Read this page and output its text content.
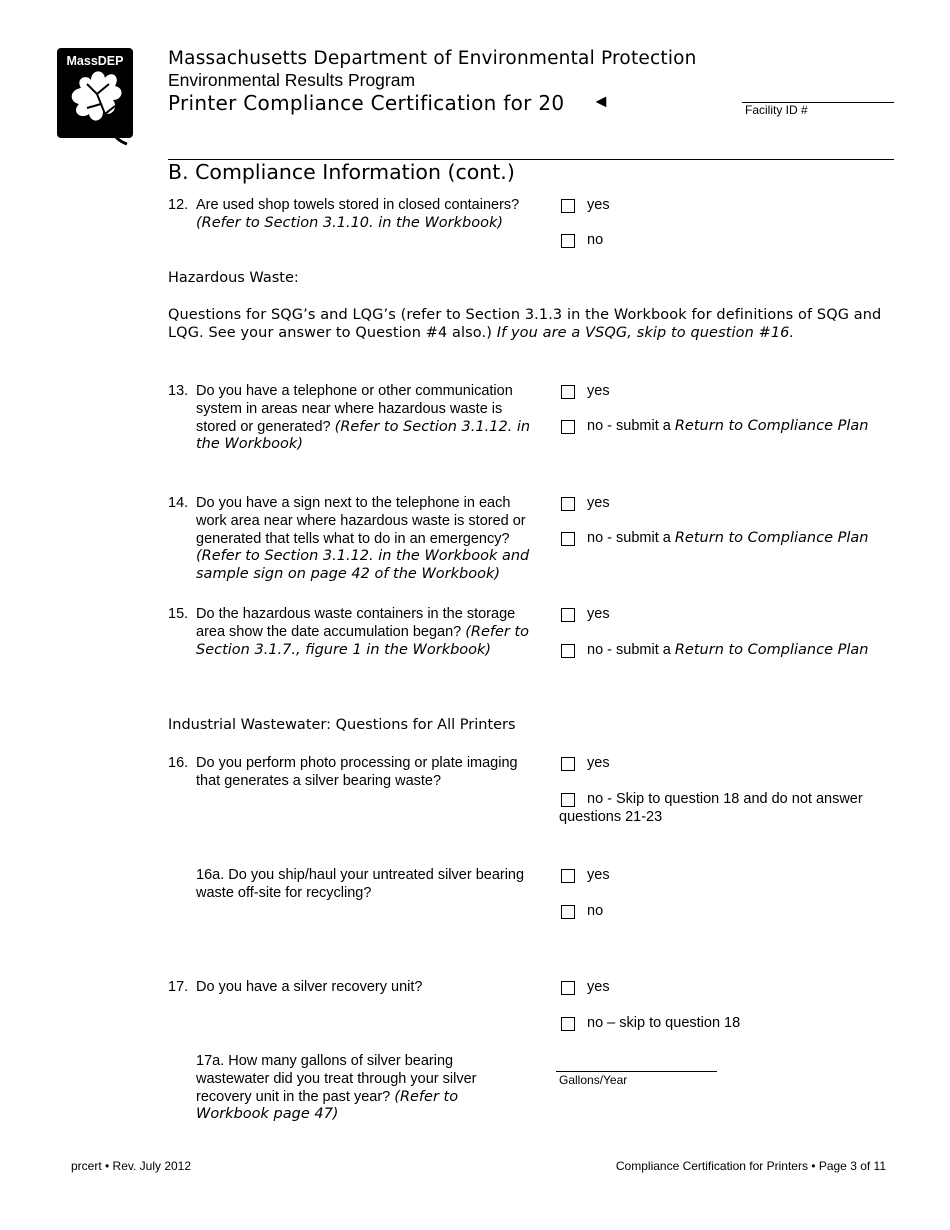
MassDEP	Massachusetts Department of Environmental Protection
Environmental Results Program
Printer Compliance Certification for 20 ◄	Facility ID #
B. Compliance Information (cont.)
12. Are used shop towels stored in closed containers? (Refer to Section 3.1.10. in the Workbook)
yes
no
Hazardous Waste:
Questions for SQG’s and LQG’s (refer to Section 3.1.3 in the Workbook for definitions of SQG and LQG. See your answer to Question #4 also.) If you are a VSQG, skip to question #16.
13. Do you have a telephone or other communication system in areas near where hazardous waste is stored or generated? (Refer to Section 3.1.12. in the Workbook)
yes
no - submit a Return to Compliance Plan
14. Do you have a sign next to the telephone in each work area near where hazardous waste is stored or generated that tells what to do in an emergency? (Refer to Section 3.1.12. in the Workbook and sample sign on page 42 of the Workbook)
yes
no - submit a Return to Compliance Plan
15. Do the hazardous waste containers in the storage area show the date accumulation began? (Refer to Section 3.1.7., figure 1 in the Workbook)
yes
no - submit a Return to Compliance Plan
Industrial Wastewater: Questions for All Printers
16. Do you perform photo processing or plate imaging that generates a silver bearing waste?
yes
no - Skip to question 18 and do not answer
questions 21-23
16a. Do you ship/haul your untreated silver bearing waste off-site for recycling?
yes
no
17. Do you have a silver recovery unit?	yes
no – skip to question 18
17a. How many gallons of silver bearing wastewater did you treat through your silver recovery unit in the past year? (Refer to Workbook page 47)
Gallons/Year
prcert • Rev. July 2012	Compliance Certification for Printers • Page 3 of 11
